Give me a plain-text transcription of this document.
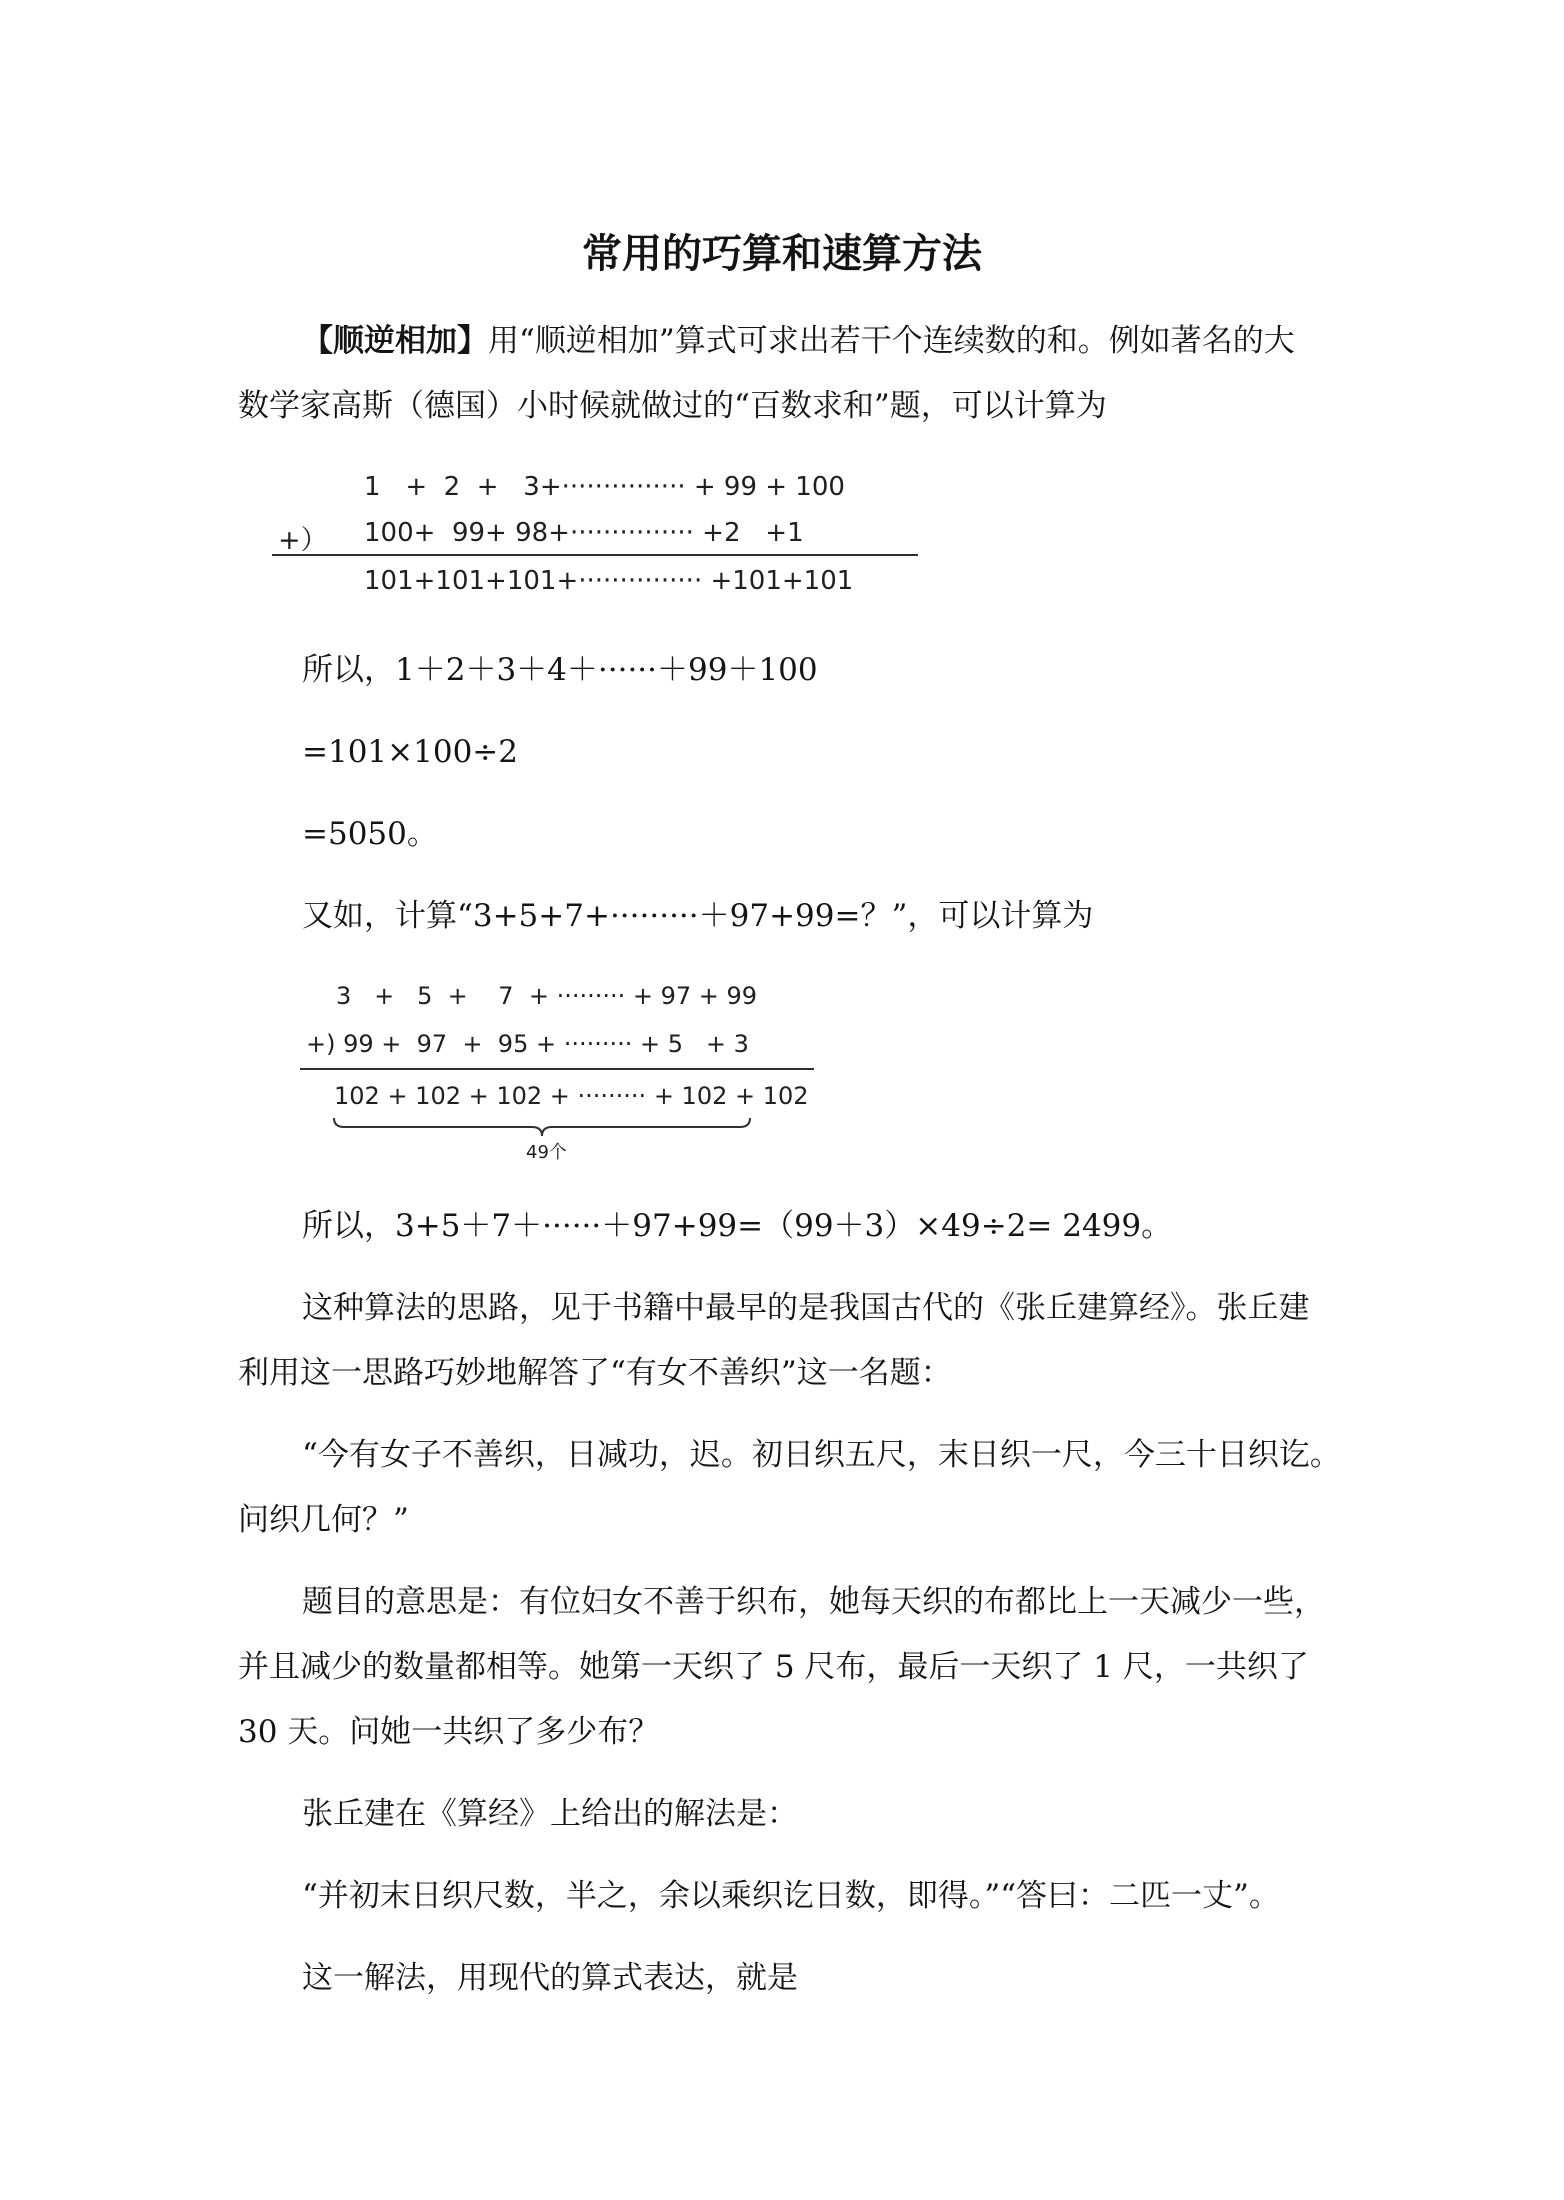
常用的巧算和速算方法
【顺逆相加】用“顺逆相加”算式可求出若干个连续数的和。例如著名的大
数学家高斯（德国）小时候就做过的“百数求和”题，可以计算为
1   +  2  +   3+··············· + 99 + 100
+） 100+  99+ 98+··············· +2   +1
101+101+101+··············· +101+101
所以，1＋2＋3＋4＋······＋99＋100
=101×100÷2
=5050。
又如，计算“3+5+7+·········＋97+99=？”，可以计算为
3   +   5  +    7  + ········· + 97 + 99
+) 99 +  97  +  95 + ········· + 5   + 3
102 + 102 + 102 + ········· + 102 + 102
49个
所以，3+5＋7＋······＋97+99=（99＋3）×49÷2= 2499。
这种算法的思路，见于书籍中最早的是我国古代的《张丘建算经》。张丘建
利用这一思路巧妙地解答了“有女不善织”这一名题：
“今有女子不善织，日减功，迟。初日织五尺，末日织一尺，今三十日织讫。
问织几何？”
题目的意思是：有位妇女不善于织布，她每天织的布都比上一天减少一些，
并且减少的数量都相等。她第一天织了 5 尺布，最后一天织了 1 尺，一共织了
30 天。问她一共织了多少布？
张丘建在《算经》上给出的解法是：
“并初末日织尺数，半之，余以乘织讫日数，即得。”“答曰：二匹一丈”。
这一解法，用现代的算式表达，就是
